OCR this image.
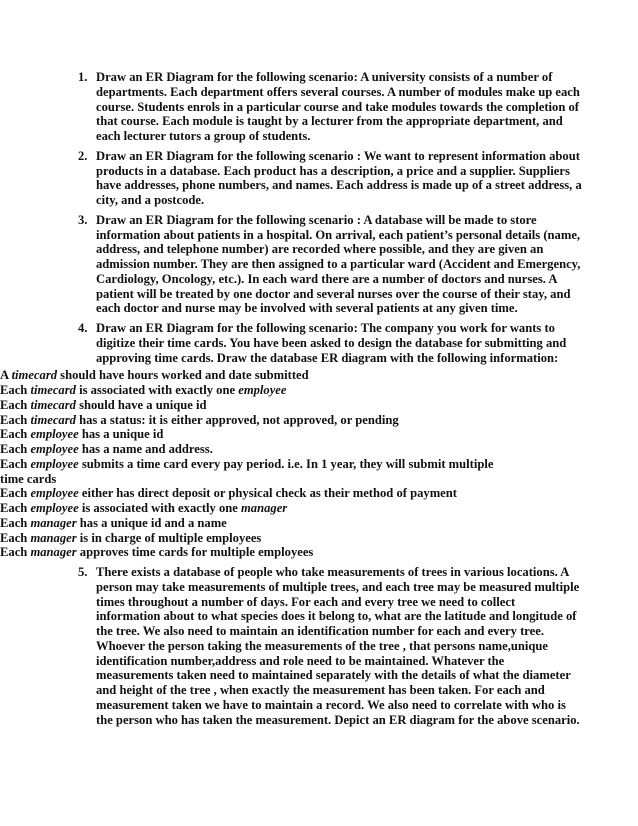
1. Draw an ER Diagram for the following scenario: A university consists of a number of departments. Each department offers several courses. A number of modules make up each course. Students enrols in a particular course and take modules towards the completion of that course. Each module is taught by a lecturer from the appropriate department, and each lecturer tutors a group of students.
2. Draw an ER Diagram for the following scenario : We want to represent information about products in a database. Each product has a description, a price and a supplier. Suppliers have addresses, phone numbers, and names. Each address is made up of a street address, a city, and a postcode.
3. Draw an ER Diagram for the following scenario : A database will be made to store information about patients in a hospital. On arrival, each patient’s personal details (name, address, and telephone number) are recorded where possible, and they are given an admission number. They are then assigned to a particular ward (Accident and Emergency, Cardiology, Oncology, etc.). In each ward there are a number of doctors and nurses. A patient will be treated by one doctor and several nurses over the course of their stay, and each doctor and nurse may be involved with several patients at any given time.
4. Draw an ER Diagram for the following scenario: The company you work for wants to digitize their time cards. You have been asked to design the database for submitting and approving time cards. Draw the database ER diagram with the following information:
A timecard should have hours worked and date submitted
Each timecard is associated with exactly one employee
Each timecard should have a unique id
Each timecard has a status: it is either approved, not approved, or pending
Each employee has a unique id
Each employee has a name and address.
Each employee submits a time card every pay period. i.e. In 1 year, they will submit multiple time cards
Each employee either has direct deposit or physical check as their method of payment
Each employee is associated with exactly one manager
Each manager has a unique id and a name
Each manager is in charge of multiple employees
Each manager approves time cards for multiple employees
5. There exists a database of people who take measurements of trees in various locations. A person may take measurements of multiple trees, and each tree may be measured multiple times throughout a number of days. For each and every tree we need to collect information about to what species does it belong to, what are the latitude and longitude of the tree. We also need to maintain an identification number for each and every tree. Whoever the person taking the measurements of the tree , that persons name,unique identification number,address and role need to be maintained. Whatever the measurements taken need to maintained separately with the details of what the diameter and height of the tree , when exactly the measurement has been taken. For each and measurement taken we have to maintain a record. We also need to correlate with who is the person who has taken the measurement. Depict an ER diagram for the above scenario.
